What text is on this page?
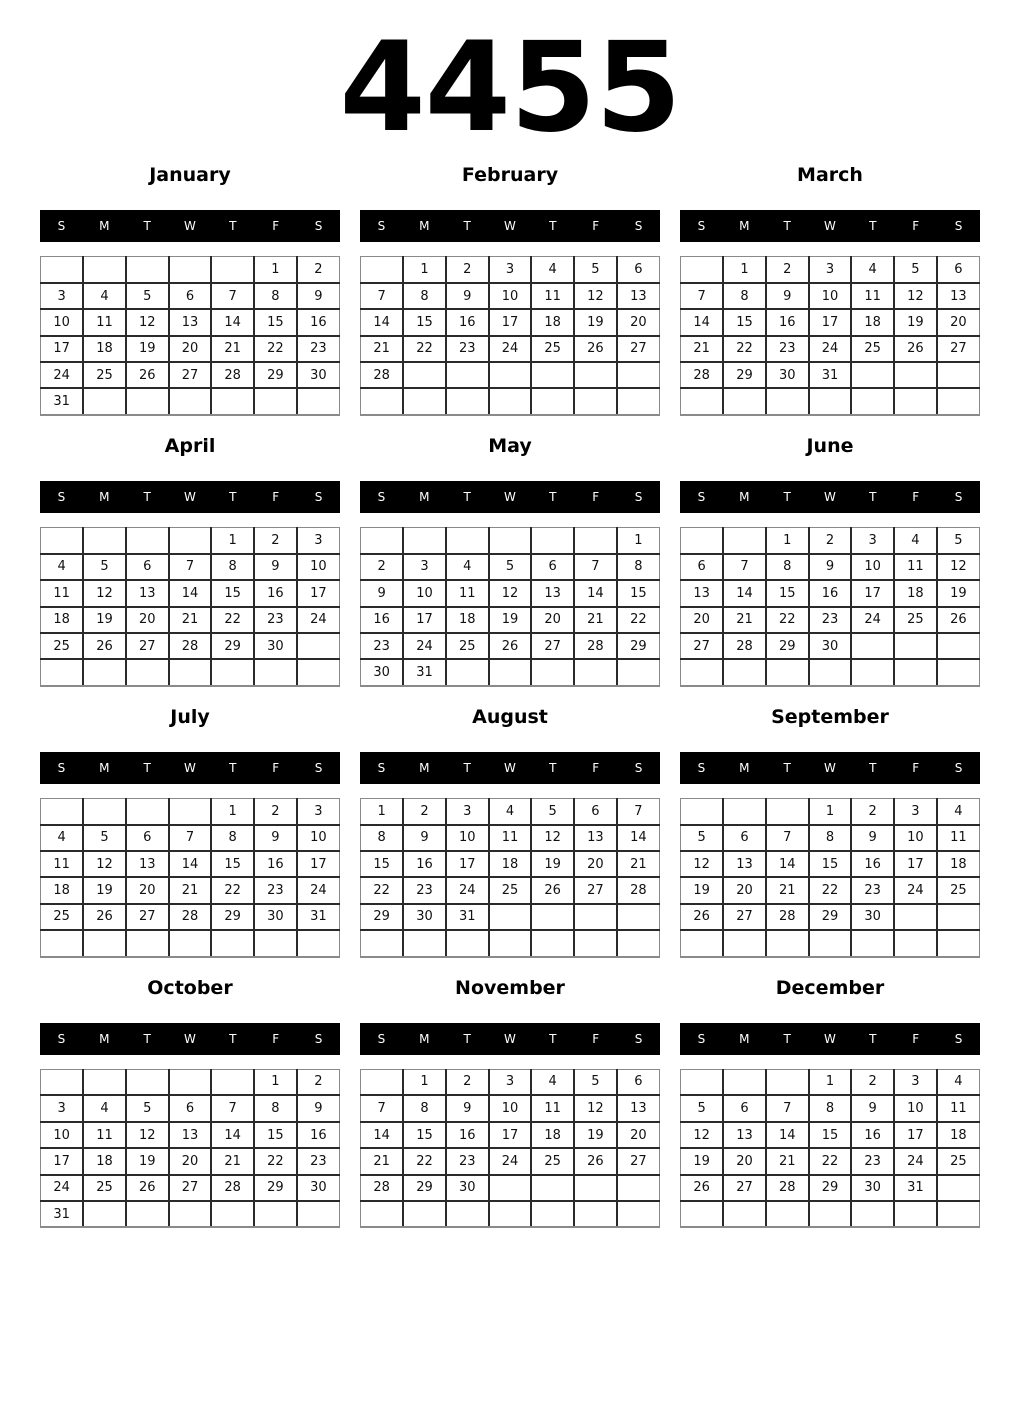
4455
January
S	M	T	W	T	F	S
					1	2
3	4	5	6	7	8	9
10	11	12	13	14	15	16
17	18	19	20	21	22	23
24	25	26	27	28	29	30
31						
February
S	M	T	W	T	F	S
	1	2	3	4	5	6
7	8	9	10	11	12	13
14	15	16	17	18	19	20
21	22	23	24	25	26	27
28						

March
S	M	T	W	T	F	S
	1	2	3	4	5	6
7	8	9	10	11	12	13
14	15	16	17	18	19	20
21	22	23	24	25	26	27
28	29	30	31			

April
S	M	T	W	T	F	S
				1	2	3
4	5	6	7	8	9	10
11	12	13	14	15	16	17
18	19	20	21	22	23	24
25	26	27	28	29	30	

May
S	M	T	W	T	F	S
						1
2	3	4	5	6	7	8
9	10	11	12	13	14	15
16	17	18	19	20	21	22
23	24	25	26	27	28	29
30	31					
June
S	M	T	W	T	F	S
		1	2	3	4	5
6	7	8	9	10	11	12
13	14	15	16	17	18	19
20	21	22	23	24	25	26
27	28	29	30			

July
S	M	T	W	T	F	S
				1	2	3
4	5	6	7	8	9	10
11	12	13	14	15	16	17
18	19	20	21	22	23	24
25	26	27	28	29	30	31

August
S	M	T	W	T	F	S
1	2	3	4	5	6	7
8	9	10	11	12	13	14
15	16	17	18	19	20	21
22	23	24	25	26	27	28
29	30	31				

September
S	M	T	W	T	F	S
			1	2	3	4
5	6	7	8	9	10	11
12	13	14	15	16	17	18
19	20	21	22	23	24	25
26	27	28	29	30		

October
S	M	T	W	T	F	S
					1	2
3	4	5	6	7	8	9
10	11	12	13	14	15	16
17	18	19	20	21	22	23
24	25	26	27	28	29	30
31						
November
S	M	T	W	T	F	S
	1	2	3	4	5	6
7	8	9	10	11	12	13
14	15	16	17	18	19	20
21	22	23	24	25	26	27
28	29	30				

December
S	M	T	W	T	F	S
			1	2	3	4
5	6	7	8	9	10	11
12	13	14	15	16	17	18
19	20	21	22	23	24	25
26	27	28	29	30	31	
